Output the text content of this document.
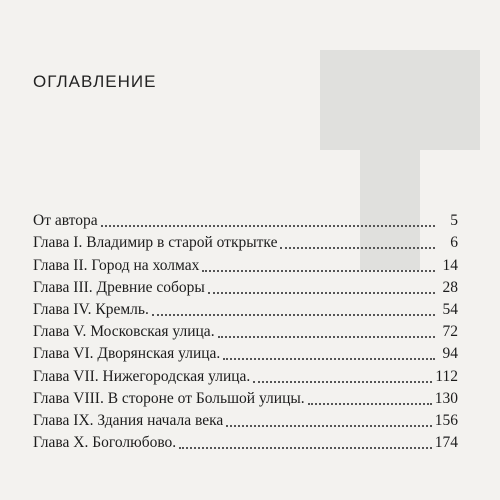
ОГЛАВЛЕНИЕ
От автора	5
Глава I. Владимир в старой открытке	6
Глава II. Город на холмах	14
Глава III. Древние соборы	28
Глава IV. Кремль.	54
Глава V. Московская улица.	72
Глава VI. Дворянская улица.	94
Глава VII. Нижегородская улица.	112
Глава VIII. В стороне от Большой улицы.	130
Глава IX. Здания начала века	156
Глава X. Боголюбово.	174
